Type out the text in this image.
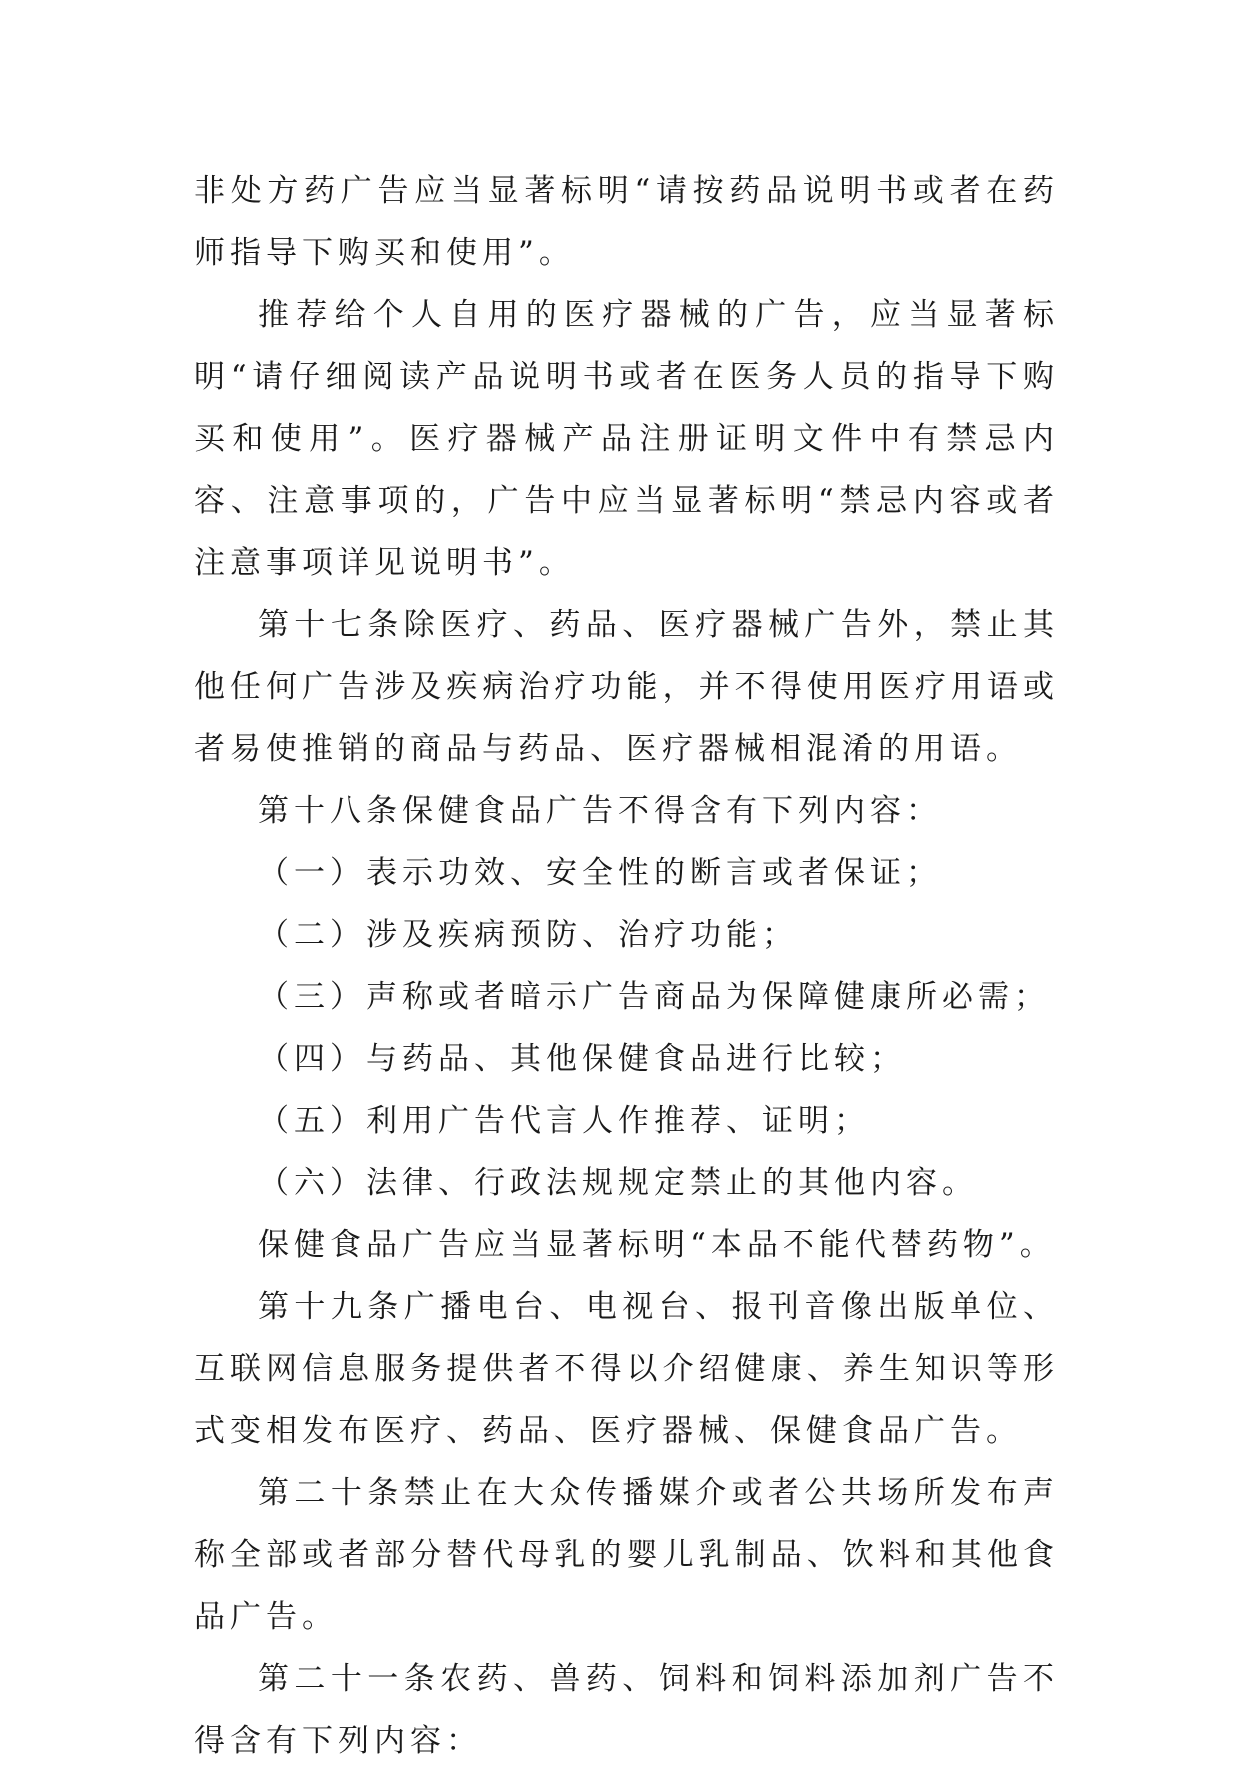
非处方药广告应当显著标明“请按药品说明书或者在药师指导下购买和使用”。

推荐给个人自用的医疗器械的广告，应当显著标明“请仔细阅读产品说明书或者在医务人员的指导下购买和使用”。医疗器械产品注册证明文件中有禁忌内容、注意事项的，广告中应当显著标明“禁忌内容或者注意事项详见说明书”。

第十七条除医疗、药品、医疗器械广告外，禁止其他任何广告涉及疾病治疗功能，并不得使用医疗用语或者易使推销的商品与药品、医疗器械相混淆的用语。

第十八条保健食品广告不得含有下列内容：

（一）表示功效、安全性的断言或者保证；

（二）涉及疾病预防、治疗功能；

（三）声称或者暗示广告商品为保障健康所必需；

（四）与药品、其他保健食品进行比较；

（五）利用广告代言人作推荐、证明；

（六）法律、行政法规规定禁止的其他内容。

保健食品广告应当显著标明“本品不能代替药物”。

第十九条广播电台、电视台、报刊音像出版单位、互联网信息服务提供者不得以介绍健康、养生知识等形式变相发布医疗、药品、医疗器械、保健食品广告。

第二十条禁止在大众传播媒介或者公共场所发布声称全部或者部分替代母乳的婴儿乳制品、饮料和其他食品广告。

第二十一条农药、兽药、饲料和饲料添加剂广告不得含有下列内容：
